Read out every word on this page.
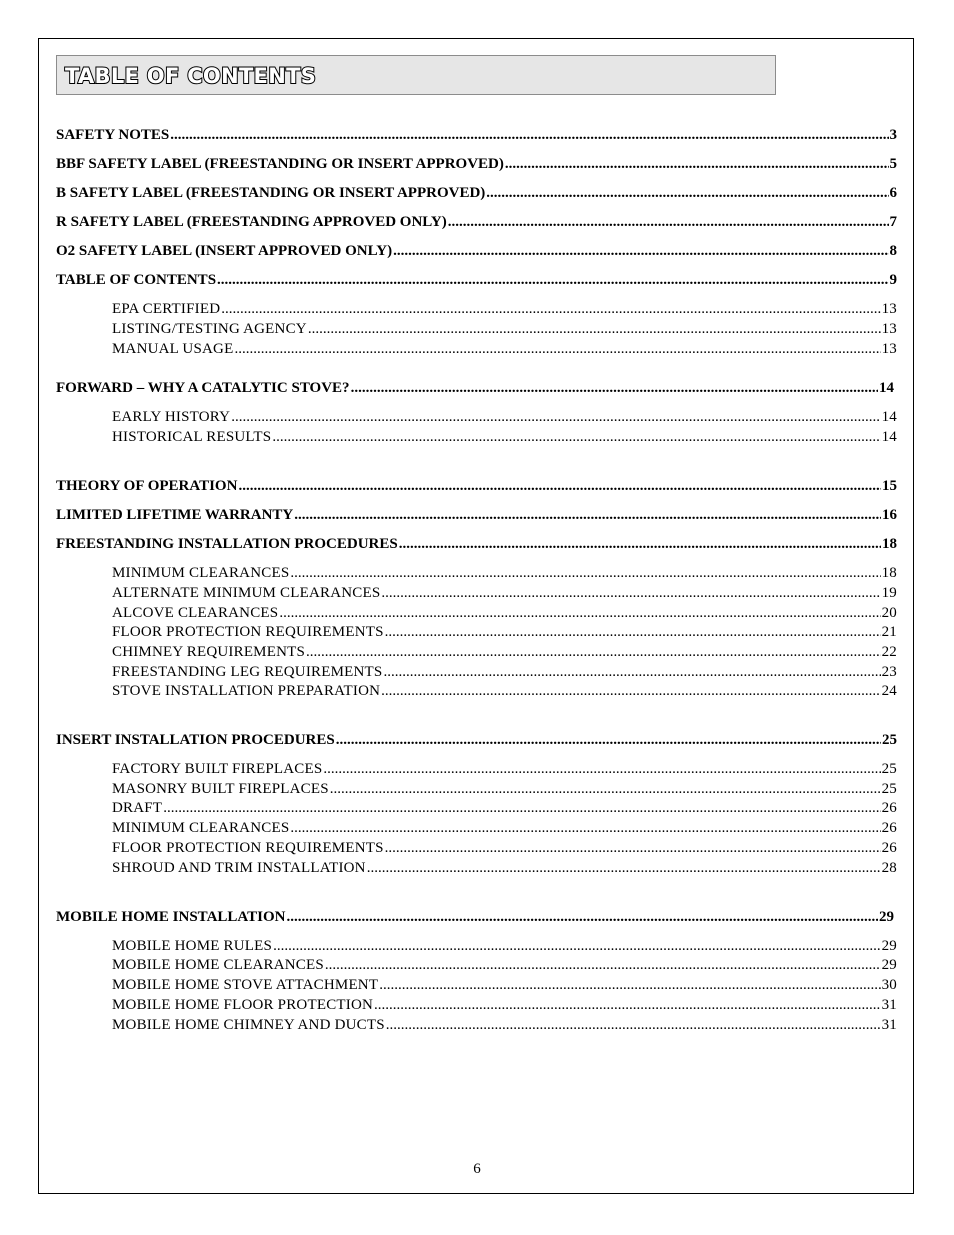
TABLE OF CONTENTS
SAFETY NOTES .....	3
BBF SAFETY LABEL (FREESTANDING OR INSERT APPROVED) .....	5
B SAFETY LABEL (FREESTANDING OR INSERT APPROVED) .....	6
R SAFETY LABEL (FREESTANDING APPROVED ONLY) .....	7
O2 SAFETY LABEL (INSERT APPROVED ONLY) .....	8
TABLE OF CONTENTS .....	9
EPA CERTIFIED .....	13
LISTING/TESTING AGENCY .....	13
MANUAL USAGE .....	13
FORWARD – WHY A CATALYTIC STOVE? .....	14
EARLY HISTORY .....	14
HISTORICAL RESULTS .....	14
THEORY OF OPERATION .....	15
LIMITED LIFETIME WARRANTY .....	16
FREESTANDING INSTALLATION PROCEDURES .....	18
MINIMUM CLEARANCES .....	18
ALTERNATE MINIMUM CLEARANCES .....	19
ALCOVE CLEARANCES .....	20
FLOOR PROTECTION REQUIREMENTS .....	21
CHIMNEY REQUIREMENTS .....	22
FREESTANDING LEG REQUIREMENTS .....	23
STOVE INSTALLATION PREPARATION .....	24
INSERT INSTALLATION PROCEDURES .....	25
FACTORY BUILT FIREPLACES .....	25
MASONRY BUILT FIREPLACES .....	25
DRAFT .....	26
MINIMUM CLEARANCES .....	26
FLOOR PROTECTION REQUIREMENTS .....	26
SHROUD AND TRIM INSTALLATION .....	28
MOBILE HOME INSTALLATION .....	29
MOBILE HOME RULES .....	29
MOBILE HOME CLEARANCES .....	29
MOBILE HOME STOVE ATTACHMENT .....	30
MOBILE HOME FLOOR PROTECTION .....	31
MOBILE HOME CHIMNEY AND DUCTS .....	31
6
